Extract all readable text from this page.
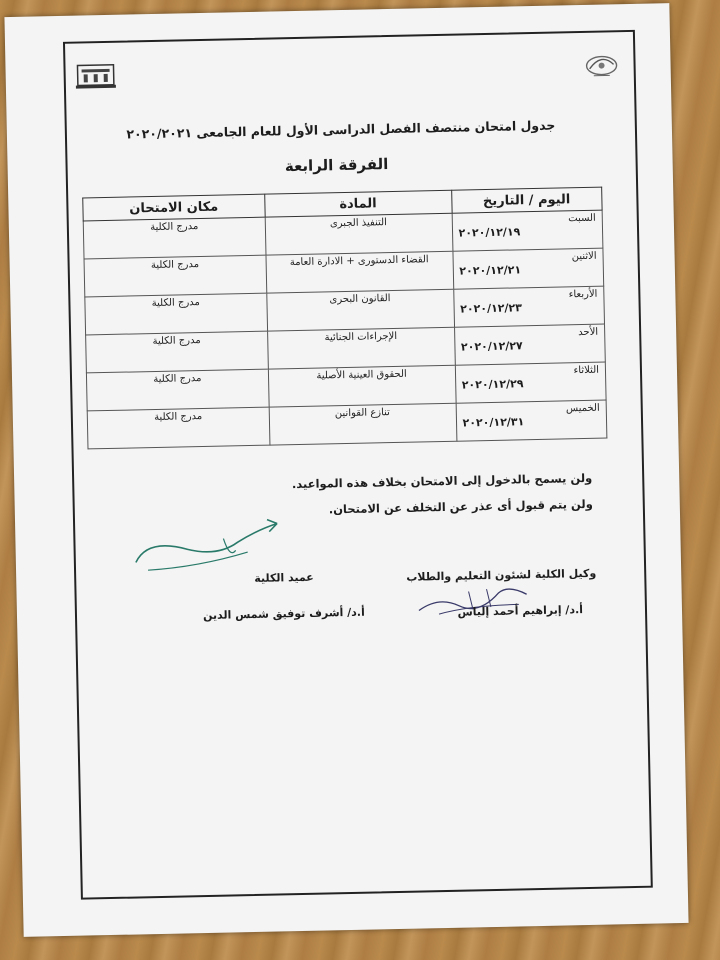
جدول امتحان منتصف الفصل الدراسى الأول للعام الجامعى ٢٠٢٠/٢٠٢١
الفرقة الرابعة
اليوم / التاريخ	المادة	مكان الامتحان

السبت
٢٠٢٠/١٢/١٩	التنفيذ الجبرى	مدرج الكلية

الاثنين
٢٠٢٠/١٢/٢١	القضاء الدستورى + الادارة العامة	مدرج الكلية

الأربعاء
٢٠٢٠/١٢/٢٣	القانون البحرى	مدرج الكلية

الأحد
٢٠٢٠/١٢/٢٧	الإجراءات الجنائية	مدرج الكلية

الثلاثاء
٢٠٢٠/١٢/٢٩	الحقوق العينية الأصلية	مدرج الكلية

الخميس
٢٠٢٠/١٢/٣١	تنازع القوانين	مدرج الكلية
ولن يسمح بالدخول إلى الامتحان بخلاف هذه المواعيد.
ولن يتم قبول أى عذر عن التخلف عن الامتحان.
وكيل الكلية لشئون التعليم والطلاب
أ.د/ إبراهيم أحمد إلياس
عميد الكلية
أ.د/ أشرف توفيق شمس الدين
